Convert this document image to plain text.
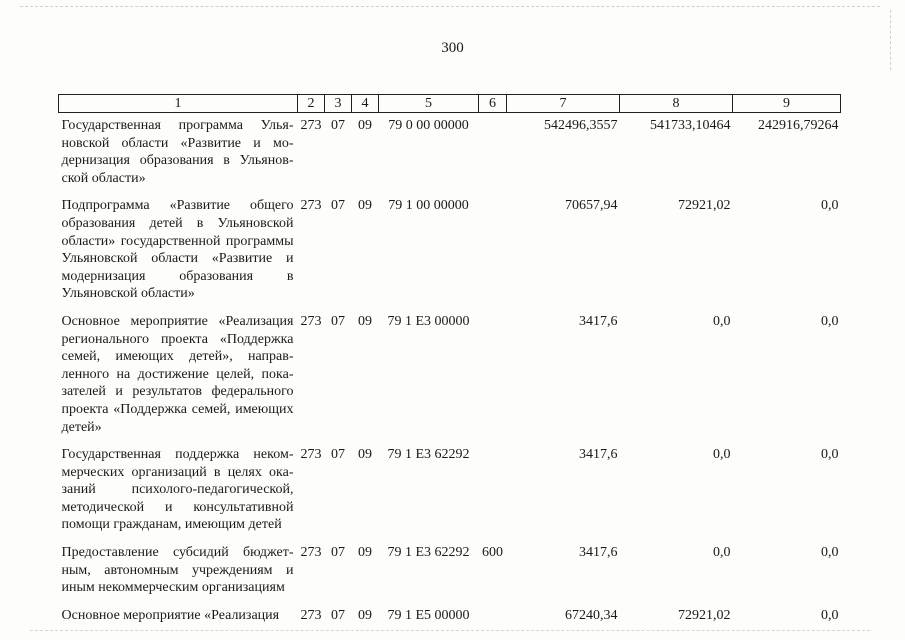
300
1	2	3	4	5	6	7	8	9
Государственная программа Ульяновской области «Развитие и модернизация образования в Ульяновской области»	273	07	09	79 0 00 00000		542496,3557	541733,10464	242916,79264
Подпрограмма «Развитие общего образования детей в Ульяновской области» государственной программы Ульяновской области «Развитие и модернизация образования в Ульяновской области»	273	07	09	79 1 00 00000		70657,94	72921,02	0,0
Основное мероприятие «Реализация регионального проекта «Поддержка семей, имеющих детей», направленного на достижение целей, показателей и результатов федерального проекта «Поддержка семей, имеющих детей»	273	07	09	79 1 Е3 00000		3417,6	0,0	0,0
Государственная поддержка некоммерческих организаций в целях оказаний психолого-педагогической, методической и консультативной помощи гражданам, имеющим детей	273	07	09	79 1 Е3 62292		3417,6	0,0	0,0
Предоставление субсидий бюджетным, автономным учреждениям и иным некоммерческим организациям	273	07	09	79 1 Е3 62292	600	3417,6	0,0	0,0
Основное мероприятие «Реализация	273	07	09	79 1 Е5 00000		67240,34	72921,02	0,0
